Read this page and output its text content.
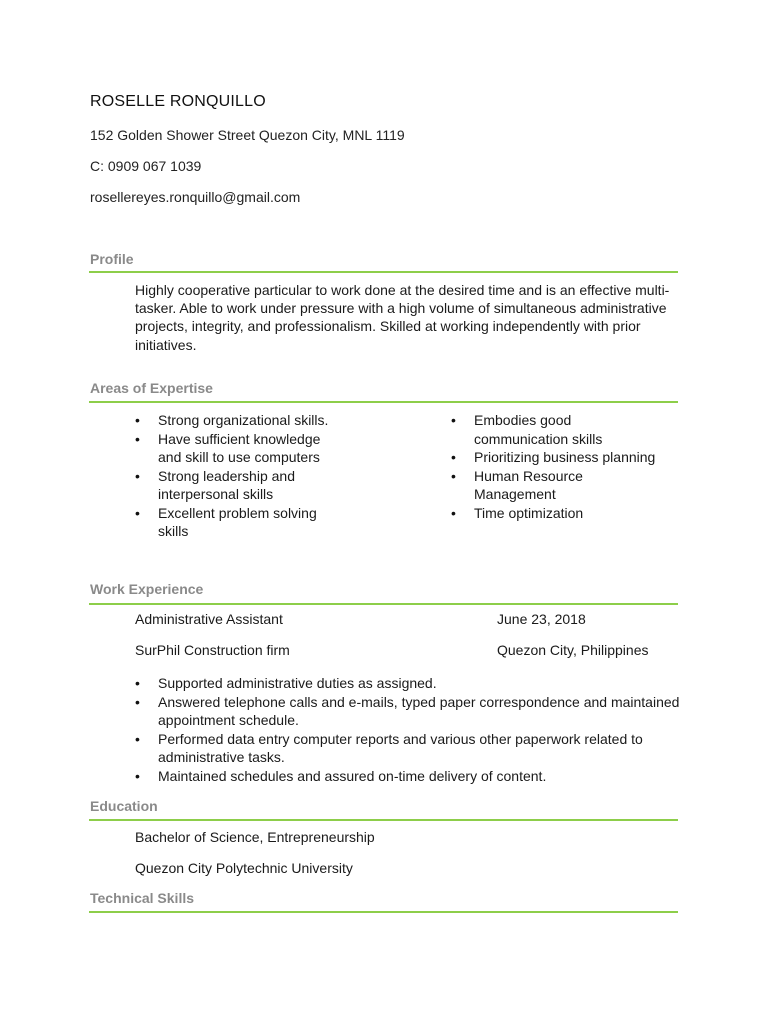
ROSELLE RONQUILLO
152 Golden Shower Street Quezon City, MNL 1119
C: 0909 067 1039
rosellereyes.ronquillo@gmail.com
Profile
Highly cooperative particular to work done at the desired time and is an effective multi-tasker. Able to work under pressure with a high volume of simultaneous administrative projects, integrity, and professionalism. Skilled at working independently with prior initiatives.
Areas of Expertise
• Strong organizational skills.
• Have sufficient knowledge and skill to use computers
• Strong leadership and interpersonal skills
• Excellent problem solving skills
• Embodies good communication skills
• Prioritizing business planning
• Human Resource Management
• Time optimization
Work Experience
Administrative Assistant	June 23, 2018
SurPhil Construction firm	Quezon City, Philippines
• Supported administrative duties as assigned.
• Answered telephone calls and e-mails, typed paper correspondence and maintained appointment schedule.
• Performed data entry computer reports and various other paperwork related to administrative tasks.
• Maintained schedules and assured on-time delivery of content.
Education
Bachelor of Science, Entrepreneurship
Quezon City Polytechnic University
Technical Skills
